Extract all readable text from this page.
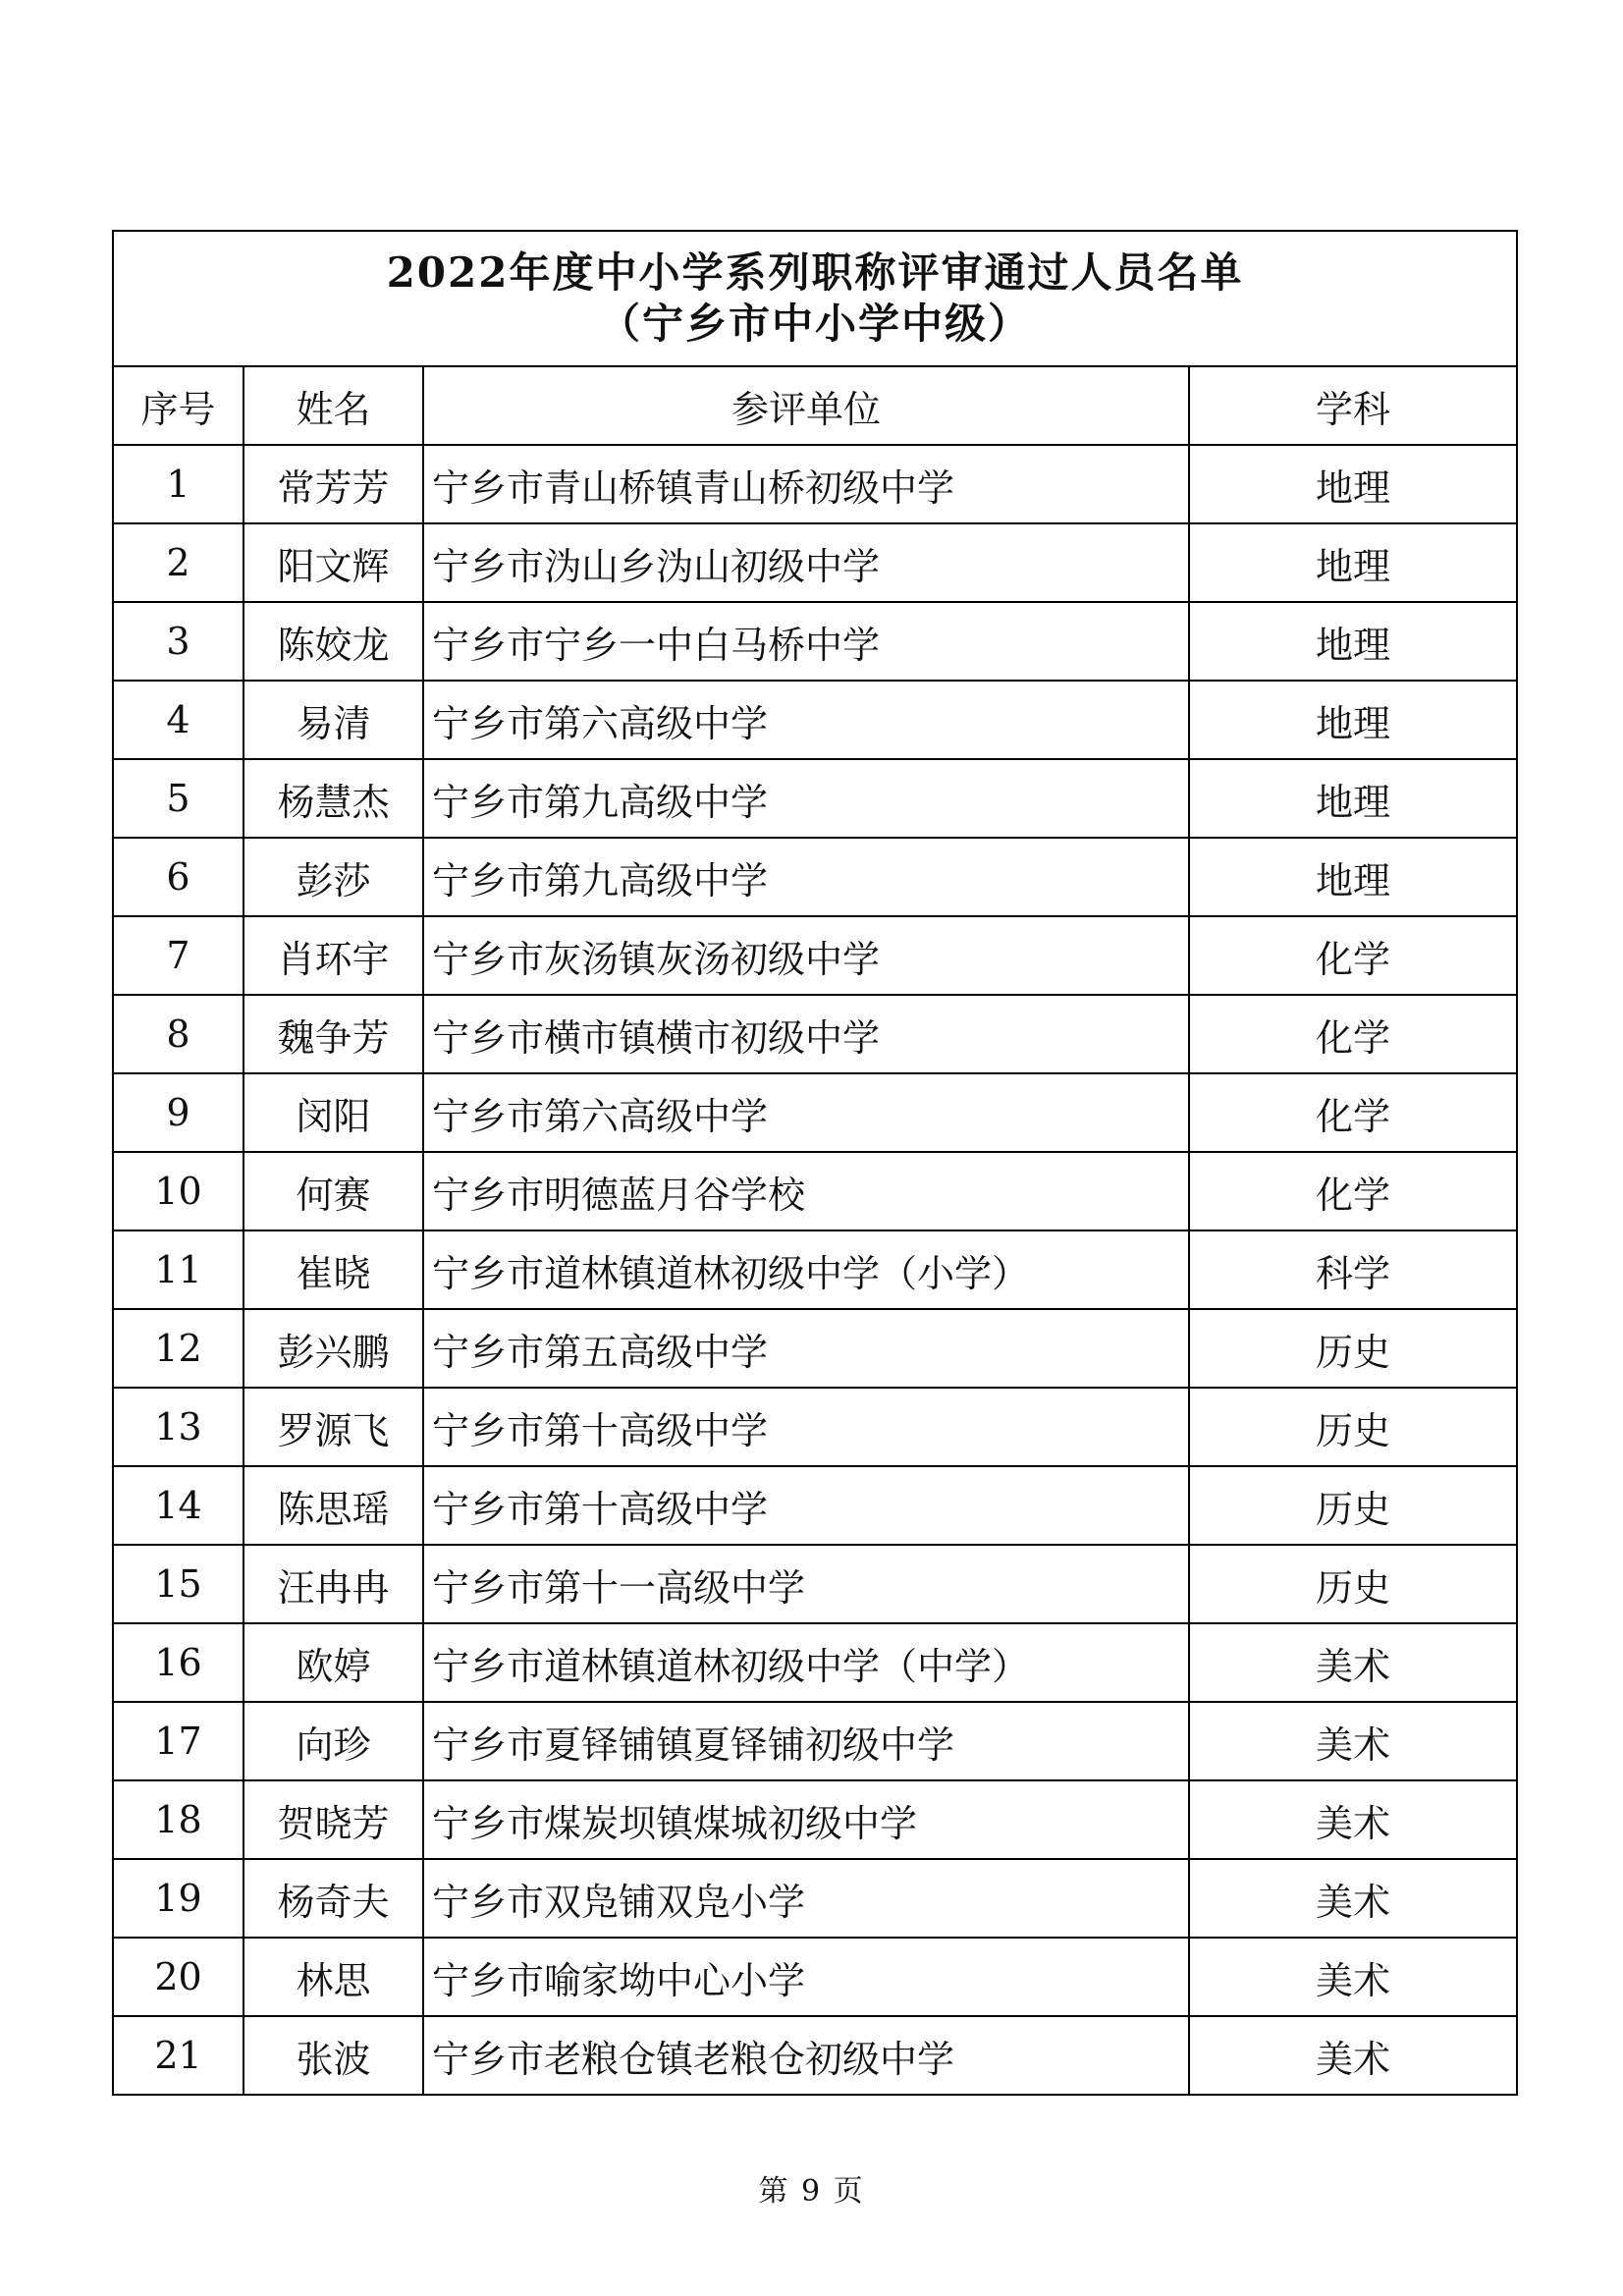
2022年度中小学系列职称评审通过人员名单
（宁乡市中小学中级）			

序号	姓名	参评单位	学科
1	常芳芳	宁乡市青山桥镇青山桥初级中学	地理
2	阳文辉	宁乡市沩山乡沩山初级中学	地理
3	陈姣龙	宁乡市宁乡一中白马桥中学	地理
4	易清	宁乡市第六高级中学	地理
5	杨慧杰	宁乡市第九高级中学	地理
6	彭莎	宁乡市第九高级中学	地理
7	肖环宇	宁乡市灰汤镇灰汤初级中学	化学
8	魏争芳	宁乡市横市镇横市初级中学	化学
9	闵阳	宁乡市第六高级中学	化学
10	何赛	宁乡市明德蓝月谷学校	化学
11	崔晓	宁乡市道林镇道林初级中学（小学）	科学
12	彭兴鹏	宁乡市第五高级中学	历史
13	罗源飞	宁乡市第十高级中学	历史
14	陈思瑶	宁乡市第十高级中学	历史
15	汪冉冉	宁乡市第十一高级中学	历史
16	欧婷	宁乡市道林镇道林初级中学（中学）	美术
17	向珍	宁乡市夏铎铺镇夏铎铺初级中学	美术
18	贺晓芳	宁乡市煤炭坝镇煤城初级中学	美术
19	杨奇夫	宁乡市双凫铺双凫小学	美术
20	林思	宁乡市喻家坳中心小学	美术
21	张波	宁乡市老粮仓镇老粮仓初级中学	美术
第 9 页
